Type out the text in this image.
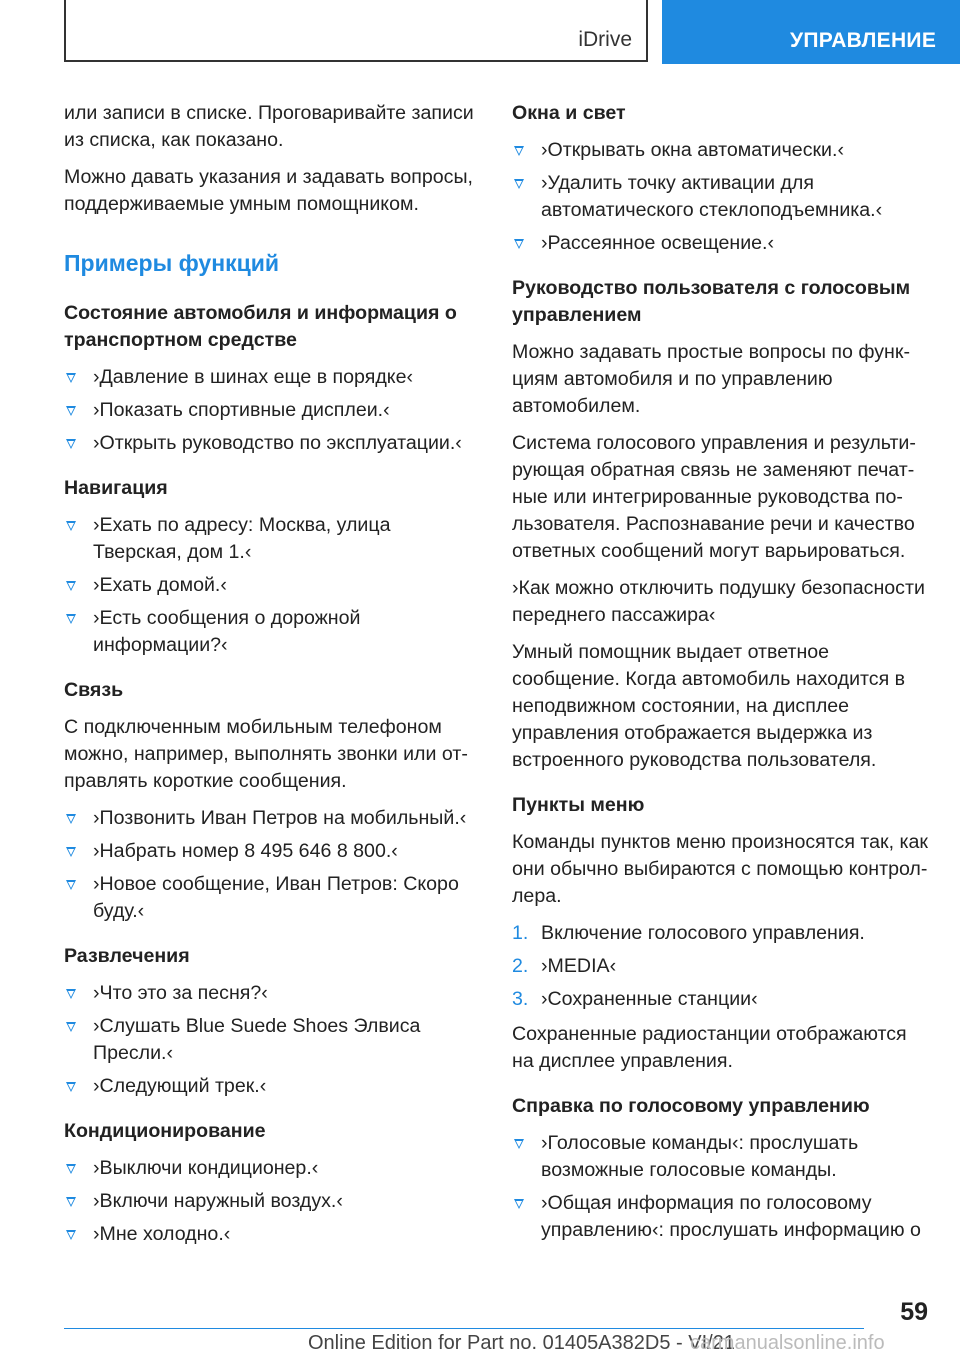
iDrive	УПРАВЛЕНИЕ

или записи в списке. Проговаривайте записи из списка, как показано.

Можно давать указания и задавать вопросы, поддерживаемые умным помощником.

Примеры функций
Состояние автомобиля и информация о транспортном средстве
›Давление в шинах еще в порядке‹
›Показать спортивные дисплеи.‹
›Открыть руководство по эксплуатации.‹
Навигация
›Ехать по адресу: Москва, улица Тверская, дом 1.‹
›Ехать домой.‹
›Есть сообщения о дорожной информации?‹
Связь

С подключенным мобильным телефоном можно, например, выполнять звонки или отправлять короткие сообщения.

›Позвонить Иван Петров на мобильный.‹
›Набрать номер 8 495 646 8 800.‹
›Новое сообщение, Иван Петров: Скоро буду.‹
Развлечения
›Что это за песня?‹
›Слушать Blue Suede Shoes Элвиса Пресли.‹
›Следующий трек.‹
Кондиционирование
›Выключи кондиционер.‹
›Включи наружный воздух.‹
›Мне холодно.‹
Окна и свет
›Открывать окна автоматически.‹
›Удалить точку активации для автоматического стеклоподъемника.‹
›Рассеянное освещение.‹
Руководство пользователя с голосовым управлением

Можно задавать простые вопросы по функциям автомобиля и по управлению автомобилем.

Система голосового управления и результирующая обратная связь не заменяют печатные или интегрированные руководства пользователя. Распознавание речи и качество ответных сообщений могут варьироваться.

›Как можно отключить подушку безопасности переднего пассажира‹

Умный помощник выдает ответное сообщение. Когда автомобиль находится в неподвижном состоянии, на дисплее управления отображается выдержка из встроенного руководства пользователя.

Пункты меню

Команды пунктов меню произносятся так, как они обычно выбираются с помощью контроллера.

1. Включение голосового управления.
2. ›MEDIA‹
3. ›Сохраненные станции‹

Сохраненные радиостанции отображаются на дисплее управления.

Справка по голосовому управлению
›Голосовые команды‹: прослушать возможные голосовые команды.
›Общая информация по голосовому управлению‹: прослушать информацию о
59
Online Edition for Part no. 01405A382D5 - VI/21
carmanualsonline.info
